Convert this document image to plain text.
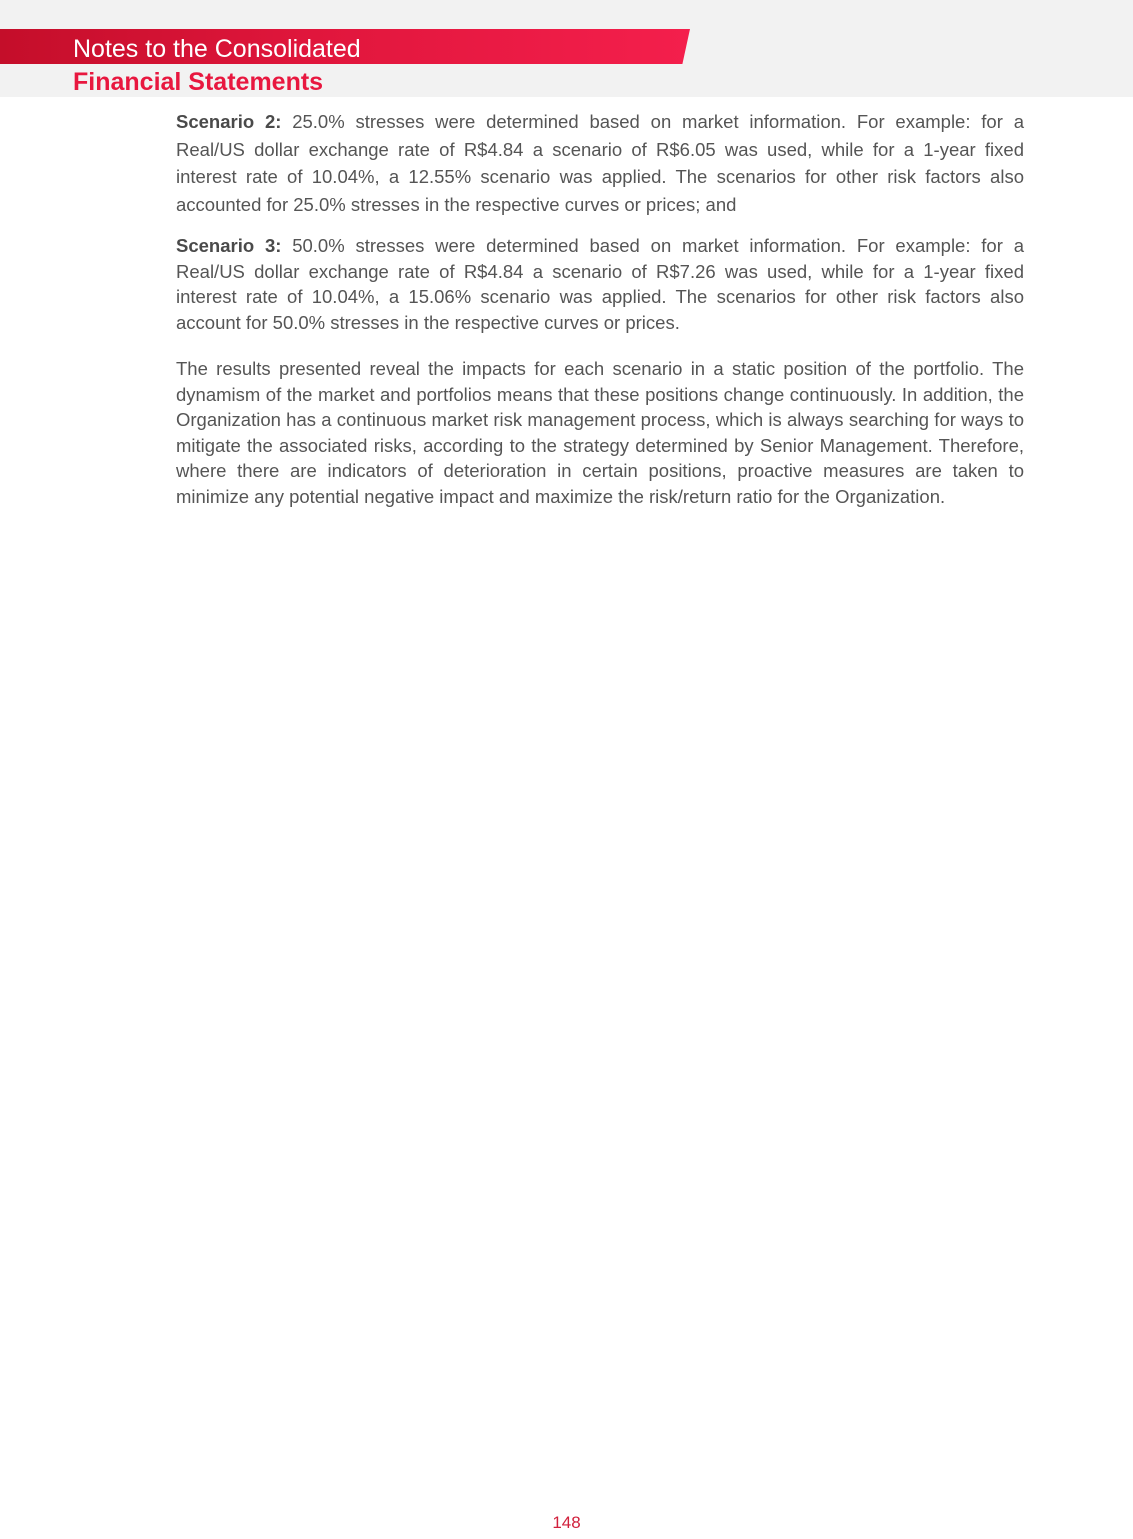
Notes to the Consolidated
Financial Statements

Scenario 2: 25.0% stresses were determined based on market information. For example: for a Real/US dollar exchange rate of R$4.84 a scenario of R$6.05 was used, while for a 1-year fixed interest rate of 10.04%, a 12.55% scenario was applied. The scenarios for other risk factors also accounted for 25.0% stresses in the respective curves or prices; and

Scenario 3: 50.0% stresses were determined based on market information. For example: for a Real/US dollar exchange rate of R$4.84 a scenario of R$7.26 was used, while for a 1-year fixed interest rate of 10.04%, a 15.06% scenario was applied. The scenarios for other risk factors also account for 50.0% stresses in the respective curves or prices.

The results presented reveal the impacts for each scenario in a static position of the portfolio. The dynamism of the market and portfolios means that these positions change continuously. In addition, the Organization has a continuous market risk management process, which is always searching for ways to mitigate the associated risks, according to the strategy determined by Senior Management. Therefore, where there are indicators of deterioration in certain positions, proactive measures are taken to minimize any potential negative impact and maximize the risk/return ratio for the Organization.

148
